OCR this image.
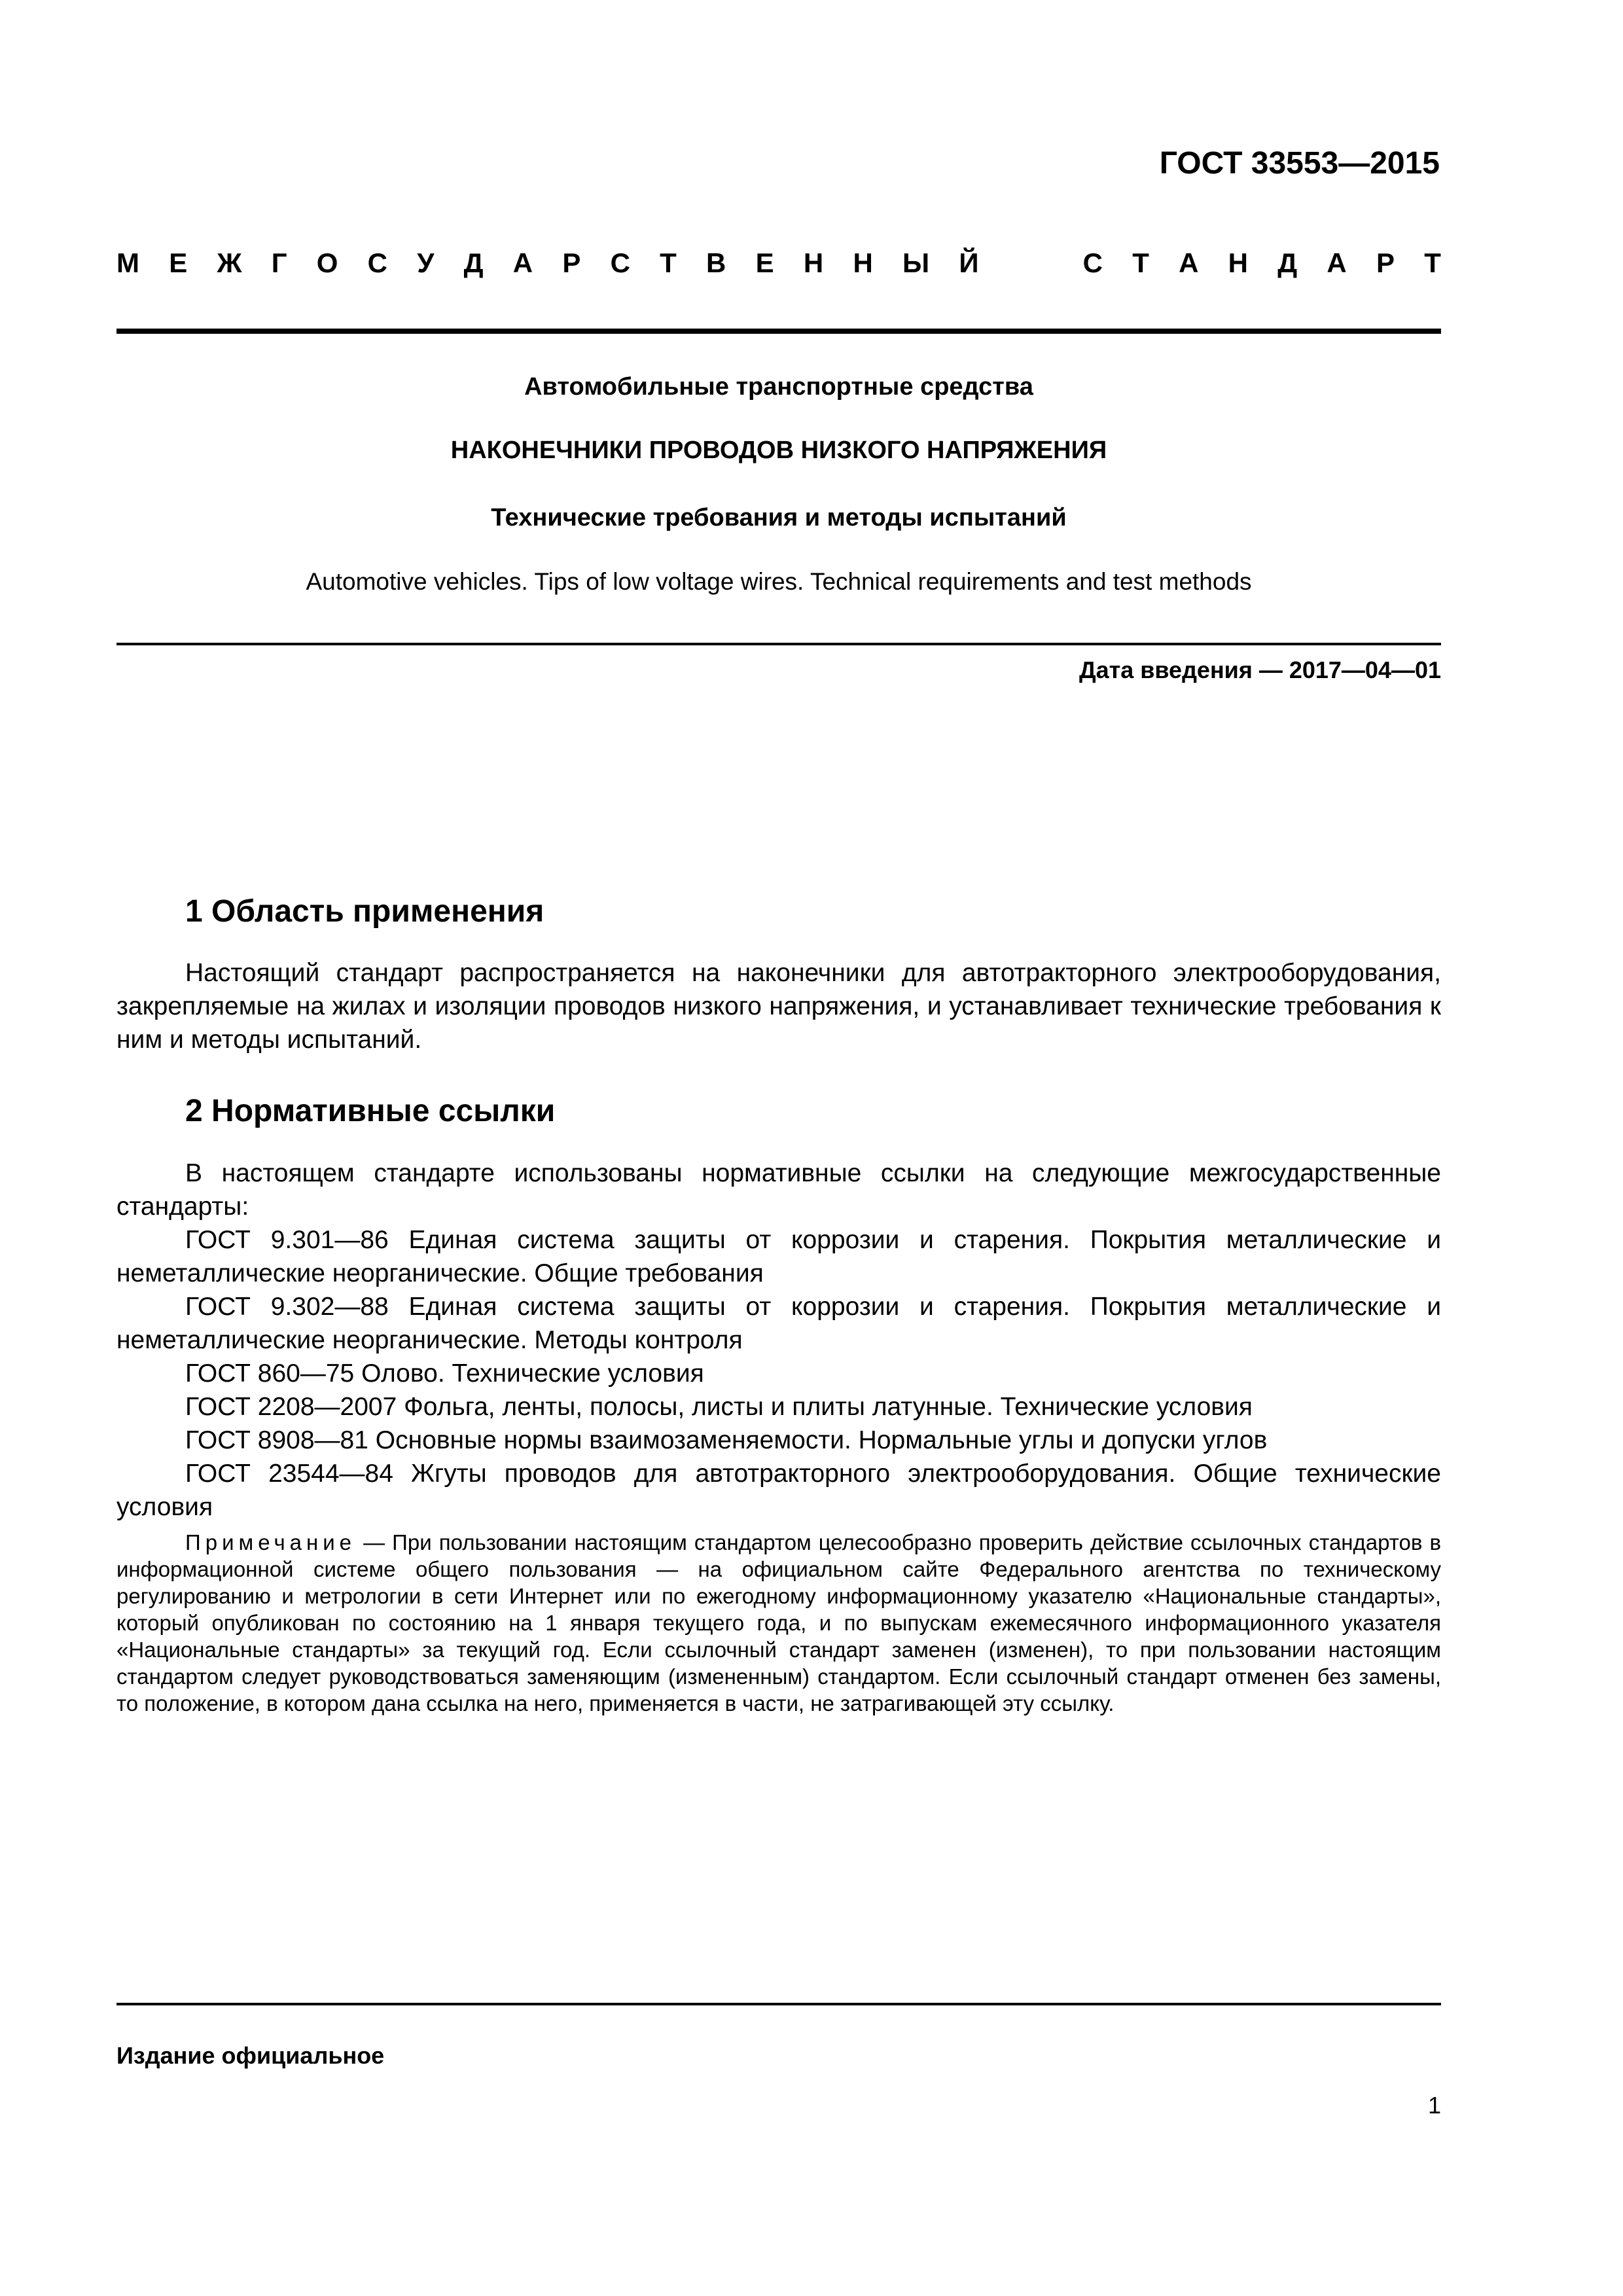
ГОСТ 33553—2015
М Е Ж Г О С У Д А Р С Т В Е Н Н Ы Й

	С Т А Н Д А Р Т
Автомобильные транспортные средства
НАКОНЕЧНИКИ ПРОВОДОВ НИЗКОГО НАПРЯЖЕНИЯ
Технические требования и методы испытаний
Automotive vehicles. Tips of low voltage wires. Technical requirements and test methods
Дата введения — 2017—04—01
1 Область применения

Настоящий стандарт распространяется на наконечники для автотракторного электрооборудования, закрепляемые на жилах и изоляции проводов низкого напряжения, и устанавливает технические требования к ним и методы испытаний.

2 Нормативные ссылки

В настоящем стандарте использованы нормативные ссылки на следующие межгосударственные стандарты:

ГОСТ 9.301—86 Единая система защиты от коррозии и старения. Покрытия металлические и неметаллические неорганические. Общие требования

ГОСТ 9.302—88 Единая система защиты от коррозии и старения. Покрытия металлические и неметаллические неорганические. Методы контроля

ГОСТ 860—75 Олово. Технические условия

ГОСТ 2208—2007 Фольга, ленты, полосы, листы и плиты латунные. Технические условия

ГОСТ 8908—81 Основные нормы взаимозаменяемости. Нормальные углы и допуски углов

ГОСТ 23544—84 Жгуты проводов для автотракторного электрооборудования. Общие технические условия

Примечание — При пользовании настоящим стандартом целесообразно проверить действие ссылочных стандартов в информационной системе общего пользования — на официальном сайте Федерального агентства по техническому регулированию и метрологии в сети Интернет или по ежегодному информационному указателю «Национальные стандарты», который опубликован по состоянию на 1 января текущего года, и по выпускам ежемесячного информационного указателя «Национальные стандарты» за текущий год. Если ссылочный стандарт заменен (изменен), то при пользовании настоящим стандартом следует руководствоваться заменяющим (измененным) стандартом. Если ссылочный стандарт отменен без замены, то положение, в котором дана ссылка на него, применяется в части, не затрагивающей эту ссылку.

Издание официальное
1
